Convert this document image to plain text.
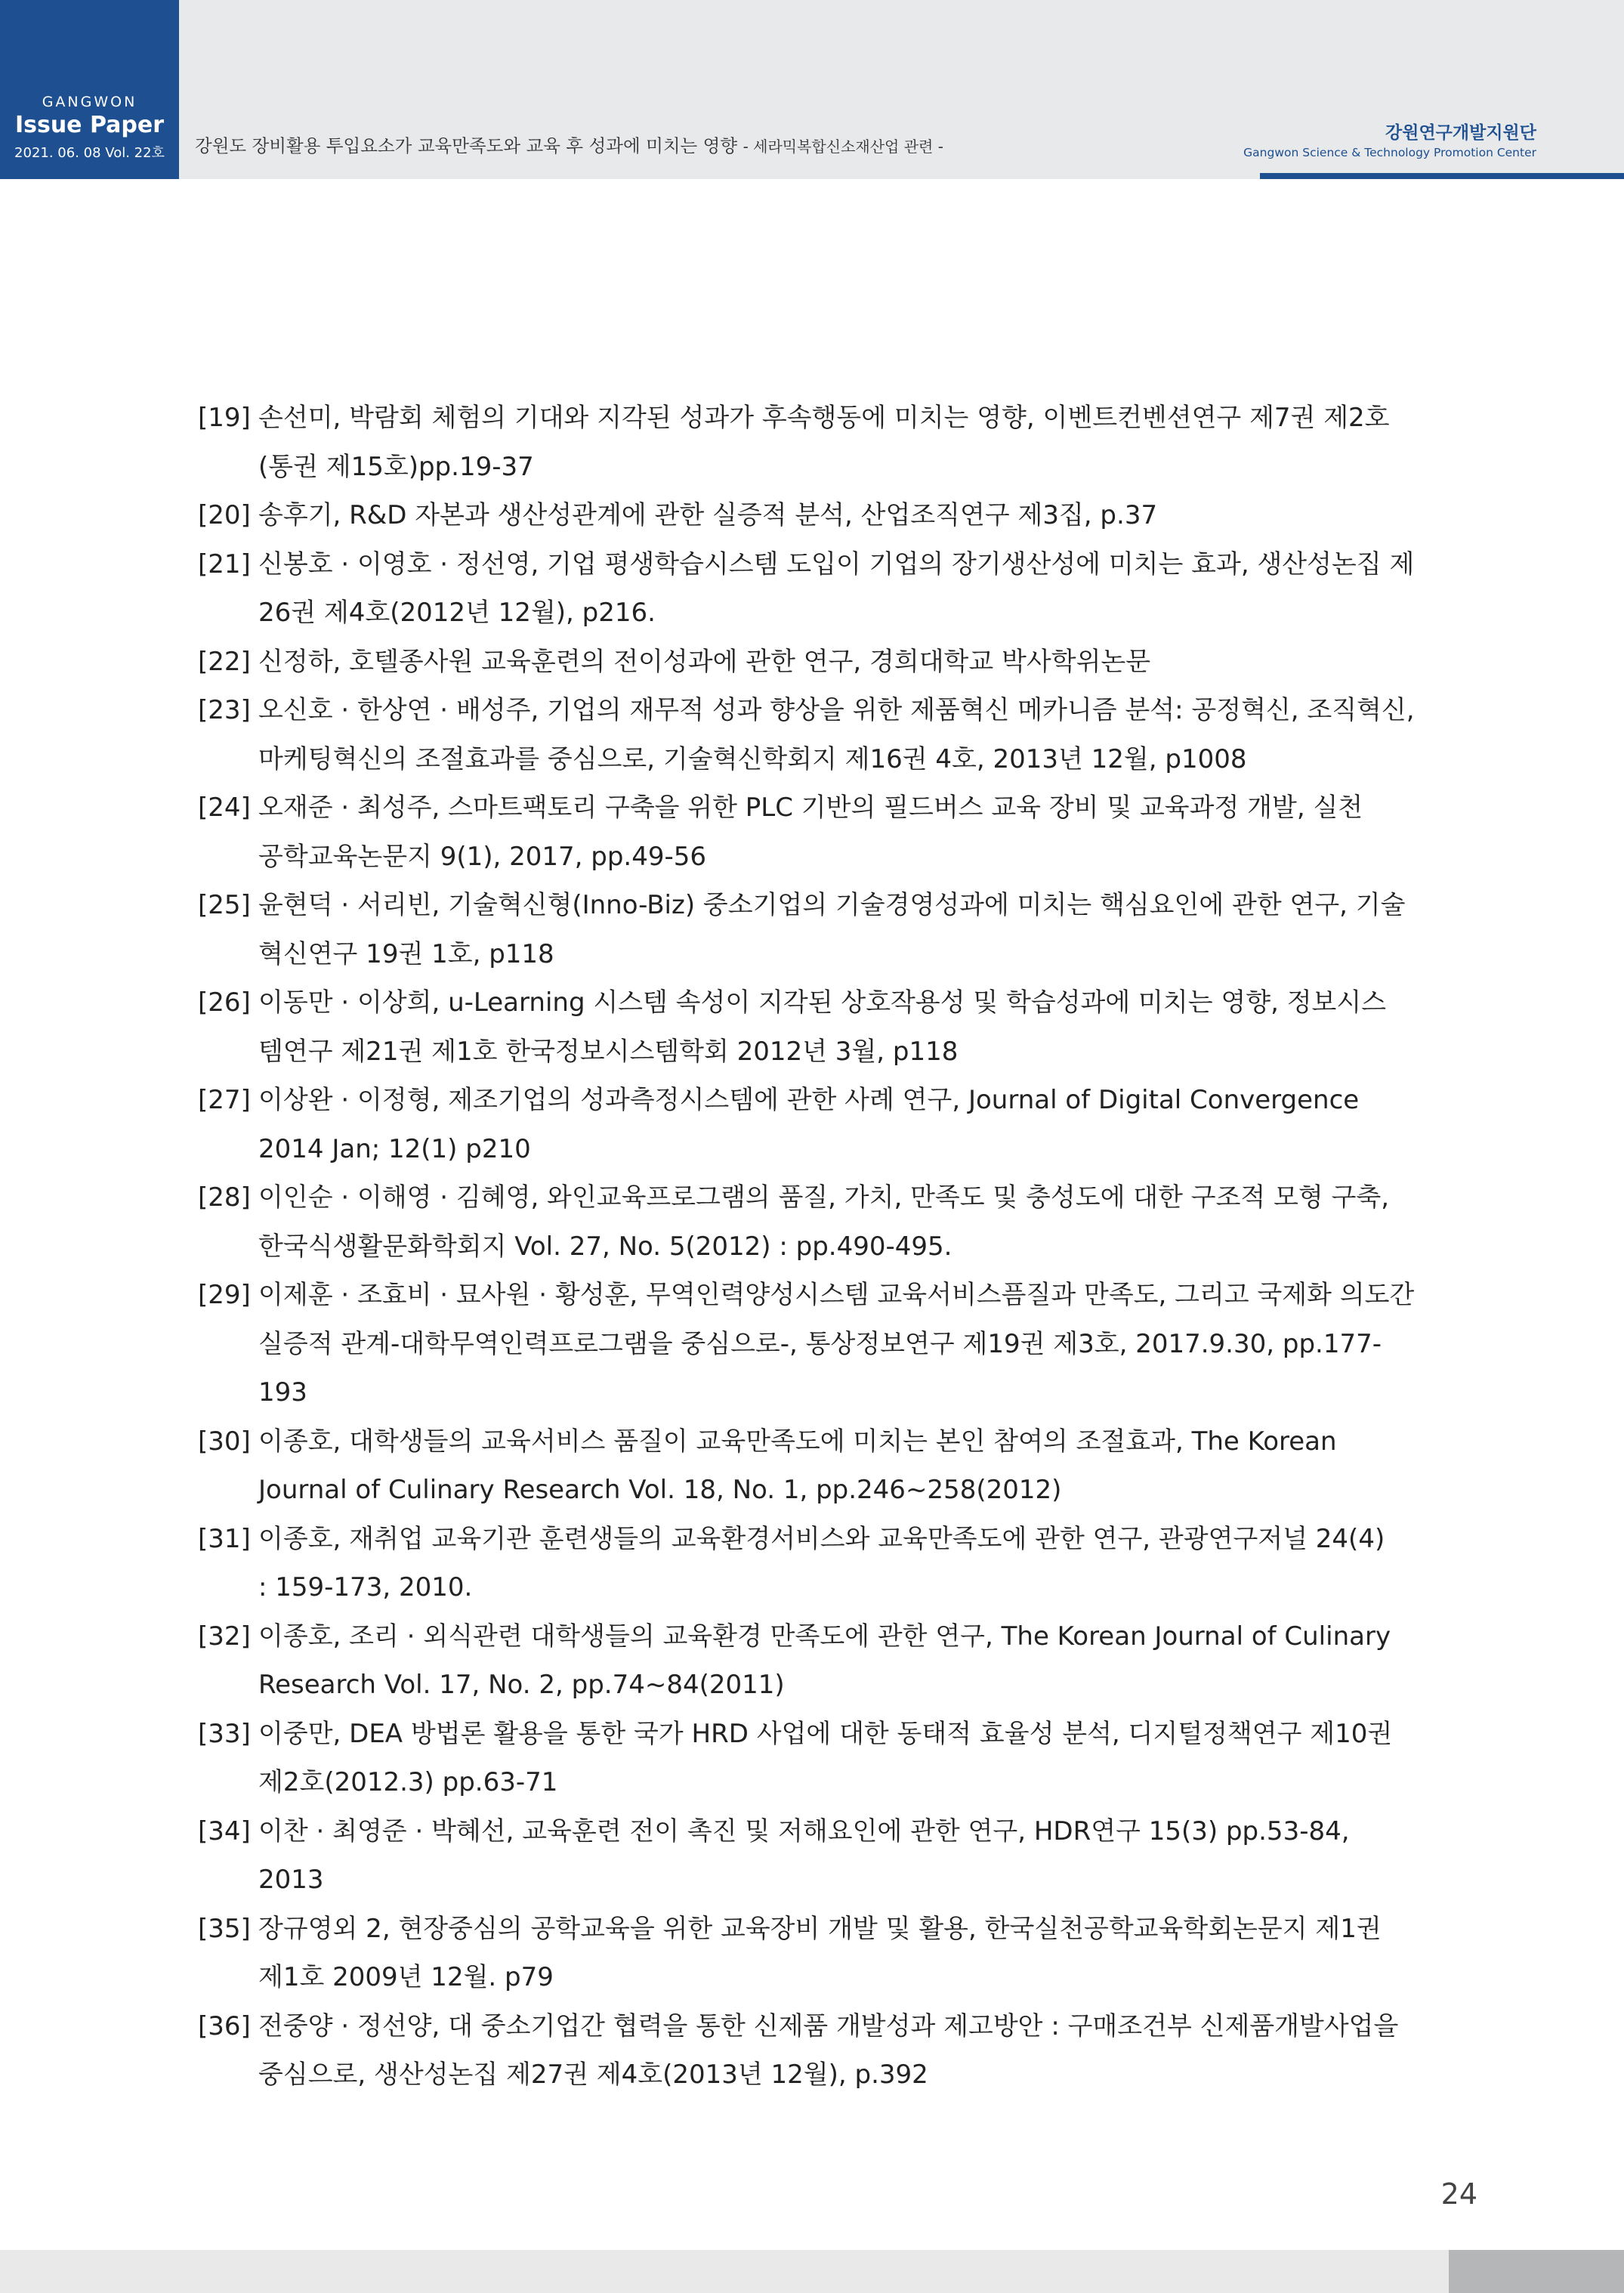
GANGWON
Issue Paper
2021. 06. 08 Vol. 22호	강원도 장비활용 투입요소가 교육만족도와 교육 후 성과에 미치는 영향 - 세라믹복합신소재산업 관련 -
강원연구개발지원단
Gangwon Science & Technology Promotion Center
[19] 손선미, 박람회 체험의 기대와 지각된 성과가 후속행동에 미치는 영향, 이벤트컨벤션연구 제7권 제2호
(통권 제15호)pp.19-37
[20] 송후기, R&D 자본과 생산성관계에 관한 실증적 분석, 산업조직연구 제3집, p.37
[21] 신봉호 · 이영호 · 정선영, 기업 평생학습시스템 도입이 기업의 장기생산성에 미치는 효과, 생산성논집 제
26권 제4호(2012년 12월), p216.
[22] 신정하, 호텔종사원 교육훈련의 전이성과에 관한 연구, 경희대학교 박사학위논문
[23] 오신호 · 한상연 · 배성주, 기업의 재무적 성과 향상을 위한 제품혁신 메카니즘 분석: 공정혁신, 조직혁신,
마케팅혁신의 조절효과를 중심으로, 기술혁신학회지 제16권 4호, 2013년 12월, p1008
[24] 오재준 · 최성주, 스마트팩토리 구축을 위한 PLC 기반의 필드버스 교육 장비 및 교육과정 개발, 실천
공학교육논문지 9(1), 2017, pp.49-56
[25] 윤현덕 · 서리빈, 기술혁신형(Inno-Biz) 중소기업의 기술경영성과에 미치는 핵심요인에 관한 연구, 기술
혁신연구 19권 1호, p118
[26] 이동만 · 이상희, u-Learning 시스템 속성이 지각된 상호작용성 및 학습성과에 미치는 영향, 정보시스
템연구 제21권 제1호 한국정보시스템학회 2012년 3월, p118
[27] 이상완 · 이정형, 제조기업의 성과측정시스템에 관한 사례 연구, Journal of Digital Convergence
2014 Jan; 12(1) p210
[28] 이인순 · 이해영 · 김혜영, 와인교육프로그램의 품질, 가치, 만족도 및 충성도에 대한 구조적 모형 구축,
한국식생활문화학회지 Vol. 27, No. 5(2012) : pp.490-495.
[29] 이제훈 · 조효비 · 묘사원 · 황성훈, 무역인력양성시스템 교육서비스픔질과 만족도, 그리고 국제화 의도간
실증적 관계-대학무역인력프로그램을 중심으로-, 통상정보연구 제19권 제3호, 2017.9.30, pp.177-
193
[30] 이종호, 대학생들의 교육서비스 품질이 교육만족도에 미치는 본인 참여의 조절효과, The Korean
Journal of Culinary Research Vol. 18, No. 1, pp.246~258(2012)
[31] 이종호, 재취업 교육기관 훈련생들의 교육환경서비스와 교육만족도에 관한 연구, 관광연구저널 24(4)
: 159-173, 2010.
[32] 이종호, 조리 · 외식관련 대학생들의 교육환경 만족도에 관한 연구, The Korean Journal of Culinary
Research Vol. 17, No. 2, pp.74~84(2011)
[33] 이중만, DEA 방법론 활용을 통한 국가 HRD 사업에 대한 동태적 효율성 분석, 디지털정책연구 제10권
제2호(2012.3) pp.63-71
[34] 이찬 · 최영준 · 박혜선, 교육훈련 전이 촉진 및 저해요인에 관한 연구, HDR연구 15(3) pp.53-84,
2013
[35] 장규영외 2, 현장중심의 공학교육을 위한 교육장비 개발 및 활용, 한국실천공학교육학회논문지 제1권
제1호 2009년 12월. p79
[36] 전중양 · 정선양, 대 중소기업간 협력을 통한 신제품 개발성과 제고방안 : 구매조건부 신제품개발사업을
중심으로, 생산성논집 제27권 제4호(2013년 12월), p.392
24
